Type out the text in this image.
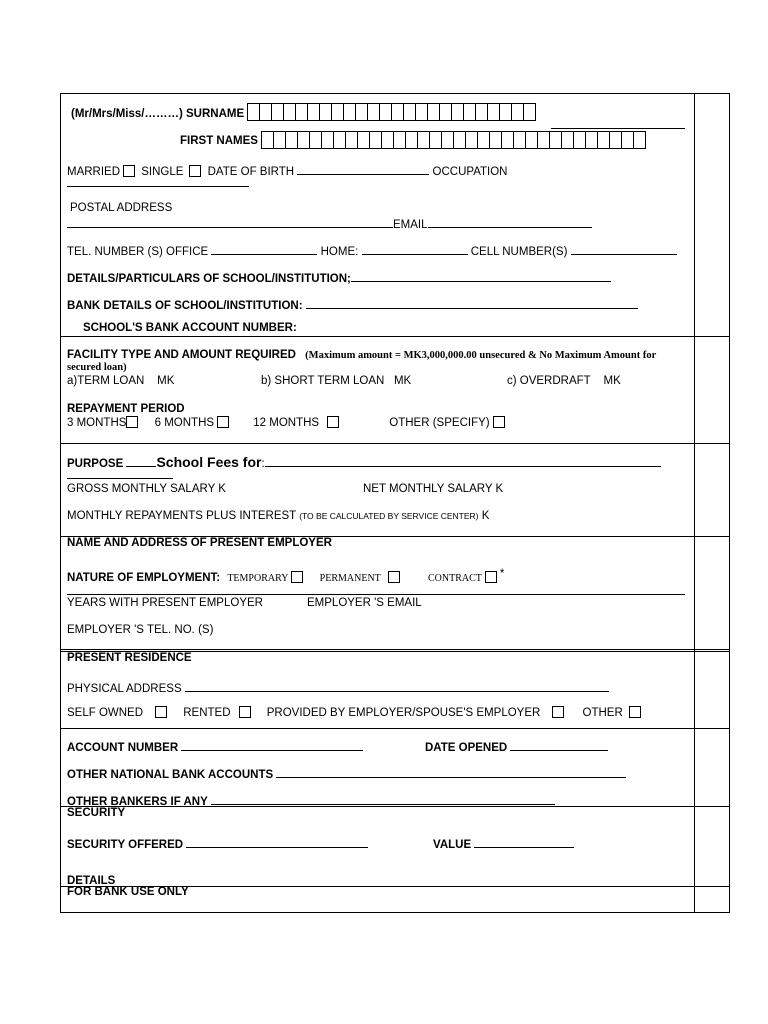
(Mr/Mrs/Miss/………) SURNAME
FIRST NAMES
MARRIED SINGLE DATE OF BIRTH	OCCUPATION
POSTAL ADDRESS
EMAIL
TEL. NUMBER (S) OFFICE	HOME:	CELL NUMBER(S)
DETAILS/PARTICULARS OF SCHOOL/INSTITUTION;
BANK DETAILS OF SCHOOL/INSTITUTION:
SCHOOL'S BANK ACCOUNT NUMBER:
FACILITY TYPE AND AMOUNT REQUIRED (Maximum amount = MK3,000,000.00 unsecured & No Maximum Amount for
secured loan)
a)TERM LOAN MK	b) SHORT TERM LOAN MK	c) OVERDRAFT MK
REPAYMENT PERIOD
3 MONTHS 6 MONTHS	12 MONTHS	OTHER (SPECIFY)
PURPOSE School Fees for:
GROSS MONTHLY SALARY K	NET MONTHLY SALARY K
MONTHLY REPAYMENTS PLUS INTEREST (TO BE CALCULATED BY SERVICE CENTER) K
NAME AND ADDRESS OF PRESENT EMPLOYER
NATURE OF EMPLOYMENT: TEMPORARY	PERMANENT	CONTRACT *
YEARS WITH PRESENT EMPLOYER	EMPLOYER 'S EMAIL
EMPLOYER 'S TEL. NO. (S)
PRESENT RESIDENCE
PHYSICAL ADDRESS
SELF OWNED	RENTED	PROVIDED BY EMPLOYER/SPOUSE'S EMPLOYER	OTHER
ACCOUNT NUMBER	DATE OPENED
OTHER NATIONAL BANK ACCOUNTS
OTHER BANKERS IF ANY
SECURITY
SECURITY OFFERED	VALUE
DETAILS
FOR BANK USE ONLY
